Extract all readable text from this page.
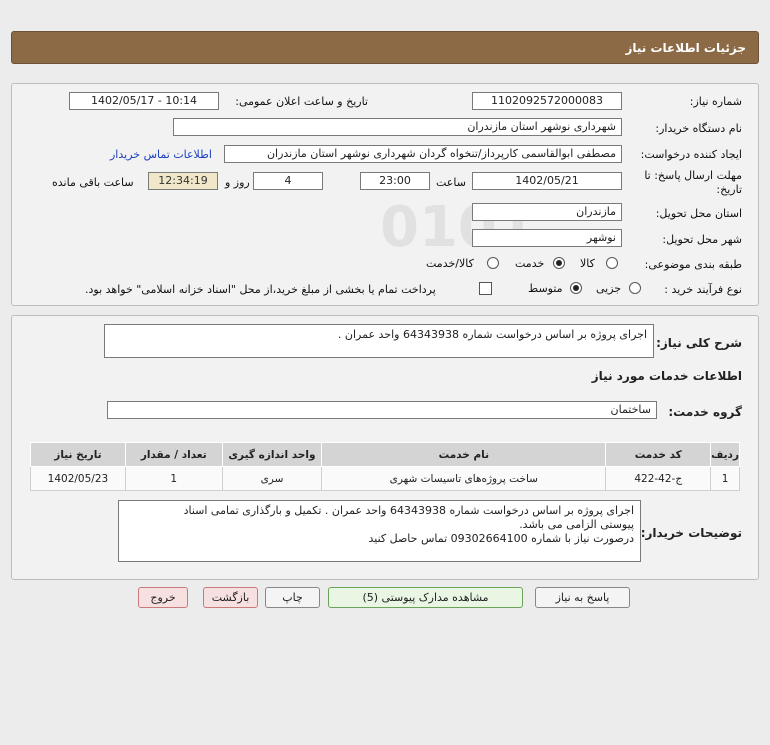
جزئیات اطلاعات نیاز
شماره نیاز:
1102092572000083
تاریخ و ساعت اعلان عمومی:
1402/05/17 - 10:14
نام دستگاه خریدار:
شهرداری نوشهر استان مازندران
ایجاد کننده درخواست:
مصطفی ابوالقاسمی کارپرداز/تنخواه گردان شهرداری نوشهر استان مازندران
اطلاعات تماس خریدار
مهلت ارسال پاسخ: تا
تاریخ:
1402/05/21
ساعت
23:00
4
روز و
12:34:19
ساعت باقی مانده
استان محل تحویل:
مازندران
شهر محل تحویل:
نوشهر
طبقه بندی موضوعی:
کالا
خدمت
کالا/خدمت
نوع فرآیند خرید :
جزیی
متوسط
پرداخت تمام یا بخشی از مبلغ خرید،از محل "اسناد خزانه اسلامی" خواهد بود.
شرح کلی نیاز:
اجرای پروژه بر اساس درخواست شماره 64343938 واحد عمران .
اطلاعات خدمات مورد نیاز
گروه خدمت:
ساختمان
ردیف	کد خدمت	نام خدمت	واحد اندازه گیری	تعداد / مقدار	تاریخ نیاز
1	ج-42-422	ساخت پروژه‌های تاسیسات شهری	سری	1	1402/05/23
توضیحات خریدار:
اجرای پروژه بر اساس درخواست شماره 64343938 واحد عمران . تکمیل و بارگذاری تمامی اسناد
پیوستی الزامی می باشد.
درصورت نیاز با شماره 09302664100 تماس حاصل کنید
پاسخ به نیاز
مشاهده مدارک پیوستی (5)
چاپ
بازگشت
خروج
